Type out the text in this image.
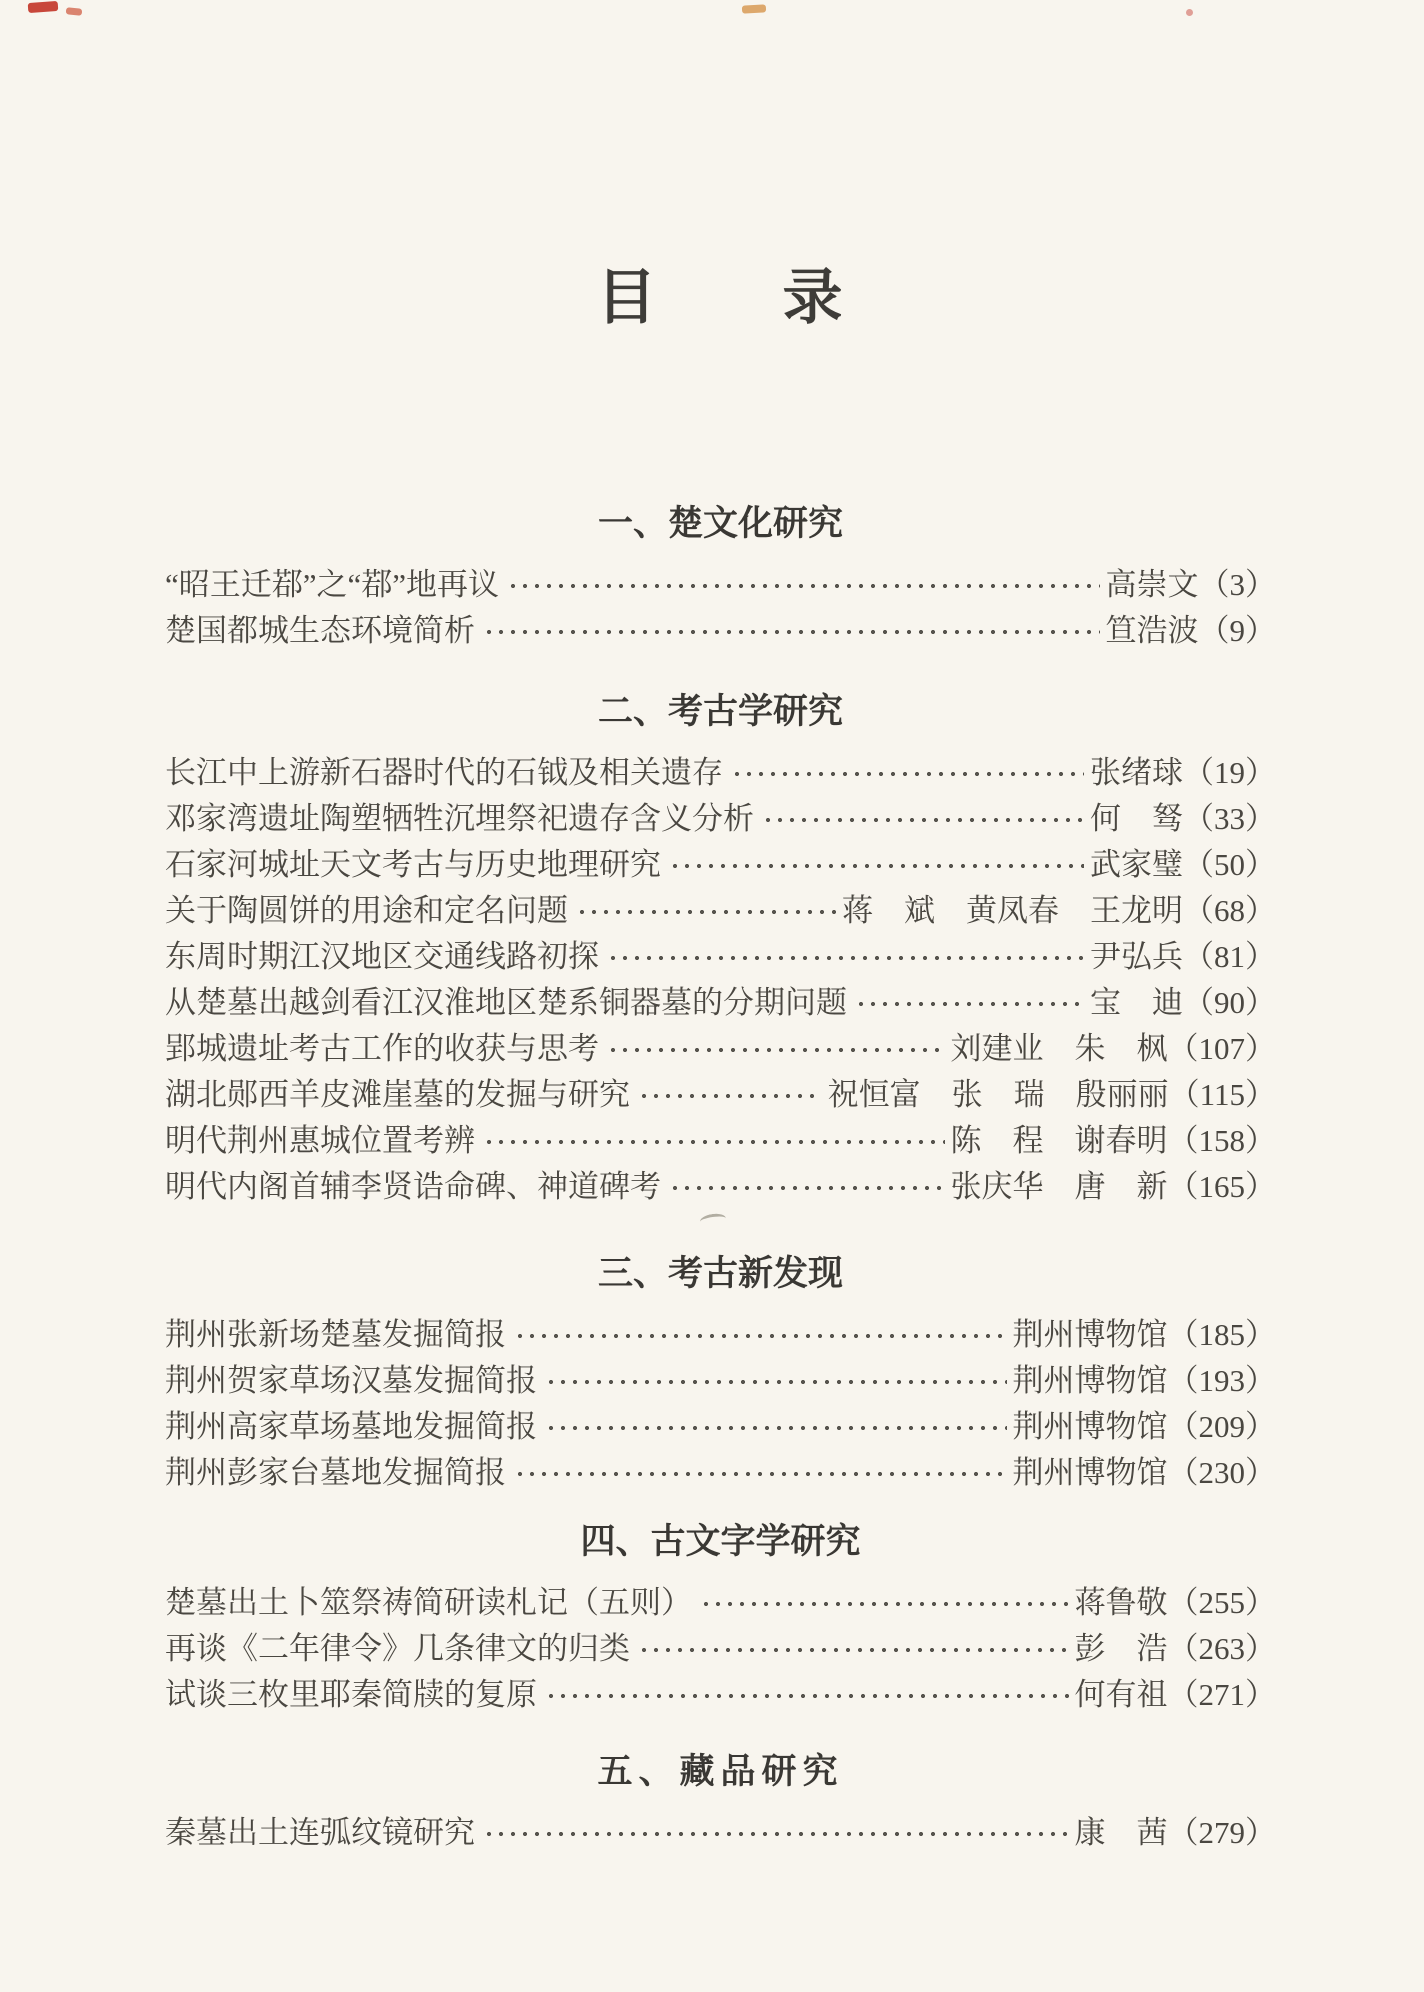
目　　录
一、楚文化研究
“昭王迁鄀”之“鄀”地再议	高崇文 （3）
楚国都城生态环境简析	笪浩波 （9）
二、考古学研究
长江中上游新石器时代的石钺及相关遗存	张绪球 （19）
邓家湾遗址陶塑牺牲沉埋祭祀遗存含义分析	何　驽 （33）
石家河城址天文考古与历史地理研究	武家璧 （50）
关于陶圆饼的用途和定名问题	蒋　斌　黄凤春　王龙明 （68）
东周时期江汉地区交通线路初探	尹弘兵 （81）
从楚墓出越剑看江汉淮地区楚系铜器墓的分期问题	宝　迪 （90）
郢城遗址考古工作的收获与思考	刘建业　朱　枫 （107）
湖北郧西羊皮滩崖墓的发掘与研究	祝恒富　张　瑞　殷丽丽 （115）
明代荆州惠城位置考辨	陈　程　谢春明 （158）
明代内阁首辅李贤诰命碑、神道碑考	张庆华　唐　新 （165）
三、考古新发现
荆州张新场楚墓发掘简报	荆州博物馆 （185）
荆州贺家草场汉墓发掘简报	荆州博物馆 （193）
荆州高家草场墓地发掘简报	荆州博物馆 （209）
荆州彭家台墓地发掘简报	荆州博物馆 （230）
四、古文字学研究
楚墓出土卜筮祭祷简研读札记（五则）	蒋鲁敬 （255）
再谈《二年律令》几条律文的归类	彭　浩 （263）
试谈三枚里耶秦简牍的复原	何有祖 （271）
五、藏品研究
秦墓出土连弧纹镜研究	康　茜 （279）
